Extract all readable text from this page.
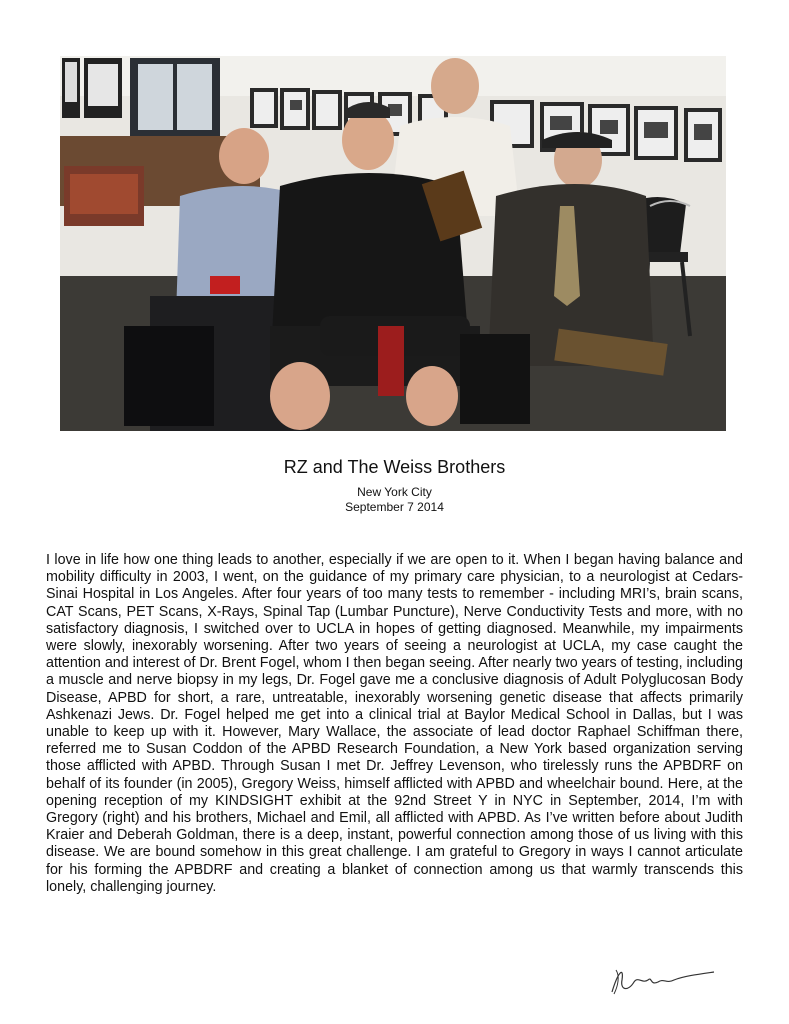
RZ and The Weiss Brothers
New York City
September 7 2014
I love in life how one thing leads to another, especially if we are open to it. When I began having balance and mobility difficulty in 2003, I went, on the guidance of my primary care physician, to a neurologist at Cedars-Sinai Hospital in Los Angeles. After four years of too many tests to remember - including MRI’s, brain scans, CAT Scans, PET Scans, X-Rays, Spinal Tap (Lumbar Puncture), Nerve Conductivity Tests and more, with no satisfactory diagnosis, I switched over to UCLA in hopes of getting diagnosed. Meanwhile, my impairments were slowly, inexorably worsening. After two years of seeing a neurologist at UCLA, my case caught the attention and interest of Dr. Brent Fogel, whom I then began seeing. After nearly two years of testing, including a muscle and nerve biopsy in my legs, Dr. Fogel gave me a conclusive diagnosis of Adult Polyglucosan Body Disease, APBD for short, a rare, untreatable, inexorably worsening genetic disease that affects primarily Ashkenazi Jews. Dr. Fogel helped me get into a clinical trial at Baylor Medical School in Dallas, but I was unable to keep up with it. However, Mary Wallace, the associate of lead doctor Raphael Schiffman there, referred me to Susan Coddon of the APBD Research Foundation, a New York based organization serving those afflicted with APBD. Through Susan I met Dr. Jeffrey Levenson, who tirelessly runs the APBDRF on behalf of its founder (in 2005), Gregory Weiss, himself afflicted with APBD and wheelchair bound. Here, at the opening reception of my KINDSIGHT exhibit at the 92nd Street Y in NYC in September, 2014, I’m with Gregory (right) and his brothers, Michael and Emil, all afflicted with APBD. As I’ve written before about Judith Kraier and Deberah Goldman, there is a deep, instant, powerful connection among those of us living with this disease. We are bound somehow in this great challenge. I am grateful to Gregory in ways I cannot articulate for his forming the APBDRF and creating a blanket of connection among us that warmly transcends this lonely, challenging journey.
